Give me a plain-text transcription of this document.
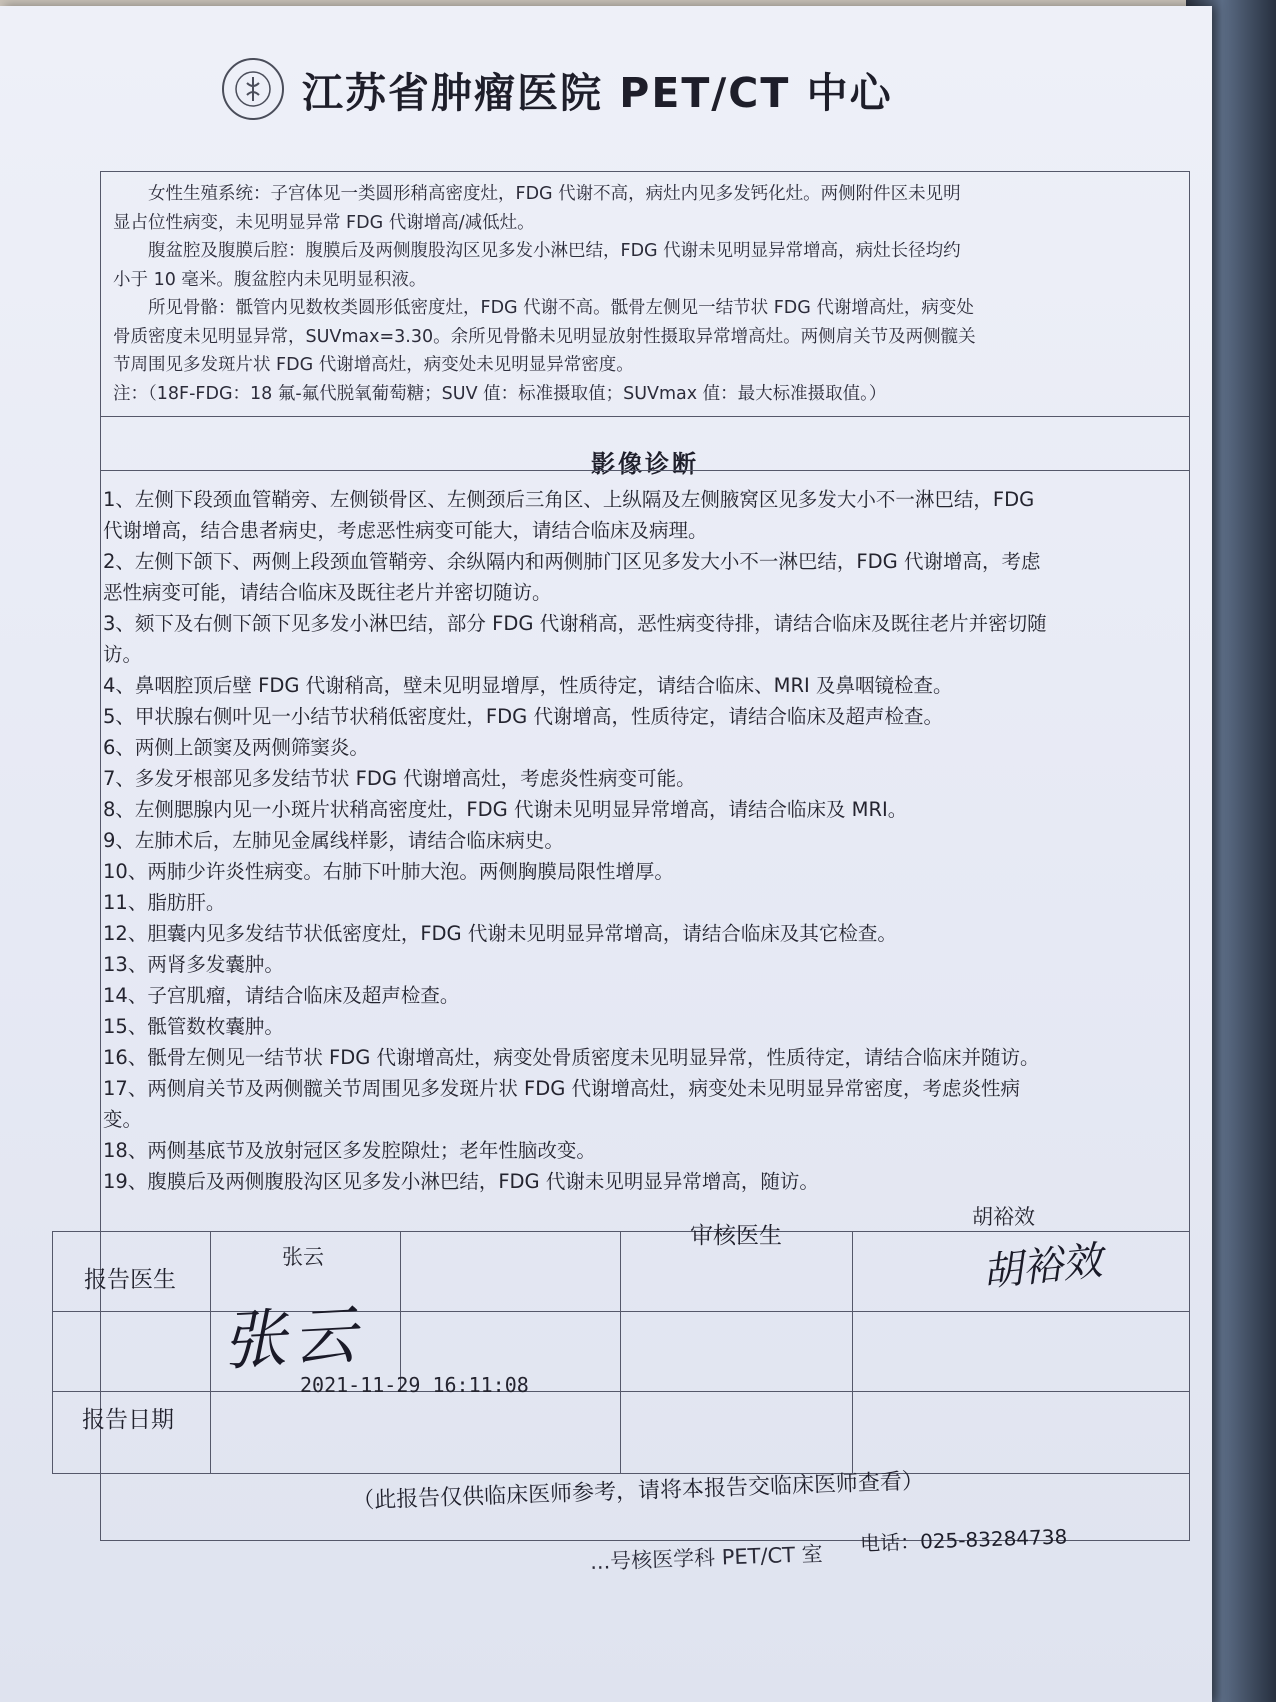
江苏省肿瘤医院 PET/CT 中心

女性生殖系统：子宫体见一类圆形稍高密度灶，FDG 代谢不高，病灶内见多发钙化灶。两侧附件区未见明

显占位性病变，未见明显异常 FDG 代谢增高/减低灶。

腹盆腔及腹膜后腔：腹膜后及两侧腹股沟区见多发小淋巴结，FDG 代谢未见明显异常增高，病灶长径均约

小于 10 毫米。腹盆腔内未见明显积液。

所见骨骼：骶管内见数枚类圆形低密度灶，FDG 代谢不高。骶骨左侧见一结节状 FDG 代谢增高灶，病变处

骨质密度未见明显异常，SUVmax=3.30。余所见骨骼未见明显放射性摄取异常增高灶。两侧肩关节及两侧髋关

节周围见多发斑片状 FDG 代谢增高灶，病变处未见明显异常密度。

注：（18F-FDG：18 氟-氟代脱氧葡萄糖；SUV 值：标准摄取值；SUVmax 值：最大标准摄取值。）

影像诊断

1、左侧下段颈血管鞘旁、左侧锁骨区、左侧颈后三角区、上纵隔及左侧腋窝区见多发大小不一淋巴结，FDG

代谢增高，结合患者病史，考虑恶性病变可能大，请结合临床及病理。

2、左侧下颌下、两侧上段颈血管鞘旁、余纵隔内和两侧肺门区见多发大小不一淋巴结，FDG 代谢增高，考虑

恶性病变可能，请结合临床及既往老片并密切随访。

3、颏下及右侧下颌下见多发小淋巴结，部分 FDG 代谢稍高，恶性病变待排，请结合临床及既往老片并密切随

访。

4、鼻咽腔顶后壁 FDG 代谢稍高，壁未见明显增厚，性质待定，请结合临床、MRI 及鼻咽镜检查。

5、甲状腺右侧叶见一小结节状稍低密度灶，FDG 代谢增高，性质待定，请结合临床及超声检查。

6、两侧上颌窦及两侧筛窦炎。

7、多发牙根部见多发结节状 FDG 代谢增高灶，考虑炎性病变可能。

8、左侧腮腺内见一小斑片状稍高密度灶，FDG 代谢未见明显异常增高，请结合临床及 MRI。

9、左肺术后，左肺见金属线样影，请结合临床病史。

10、两肺少许炎性病变。右肺下叶肺大泡。两侧胸膜局限性增厚。

11、脂肪肝。

12、胆囊内见多发结节状低密度灶，FDG 代谢未见明显异常增高，请结合临床及其它检查。

13、两肾多发囊肿。

14、子宫肌瘤，请结合临床及超声检查。

15、骶管数枚囊肿。

16、骶骨左侧见一结节状 FDG 代谢增高灶，病变处骨质密度未见明显异常，性质待定，请结合临床并随访。

17、两侧肩关节及两侧髋关节周围见多发斑片状 FDG 代谢增高灶，病变处未见明显异常密度，考虑炎性病

变。

18、两侧基底节及放射冠区多发腔隙灶；老年性脑改变。

19、腹膜后及两侧腹股沟区见多发小淋巴结，FDG 代谢未见明显异常增高，随访。

报告医生
张云
审核医生
胡裕效
张云
胡裕效
报告日期
2021-11-29 16:11:08
（此报告仅供临床医师参考，请将本报告交临床医师查看）
...号核医学科 PET/CT 室
电话：025-83284738
